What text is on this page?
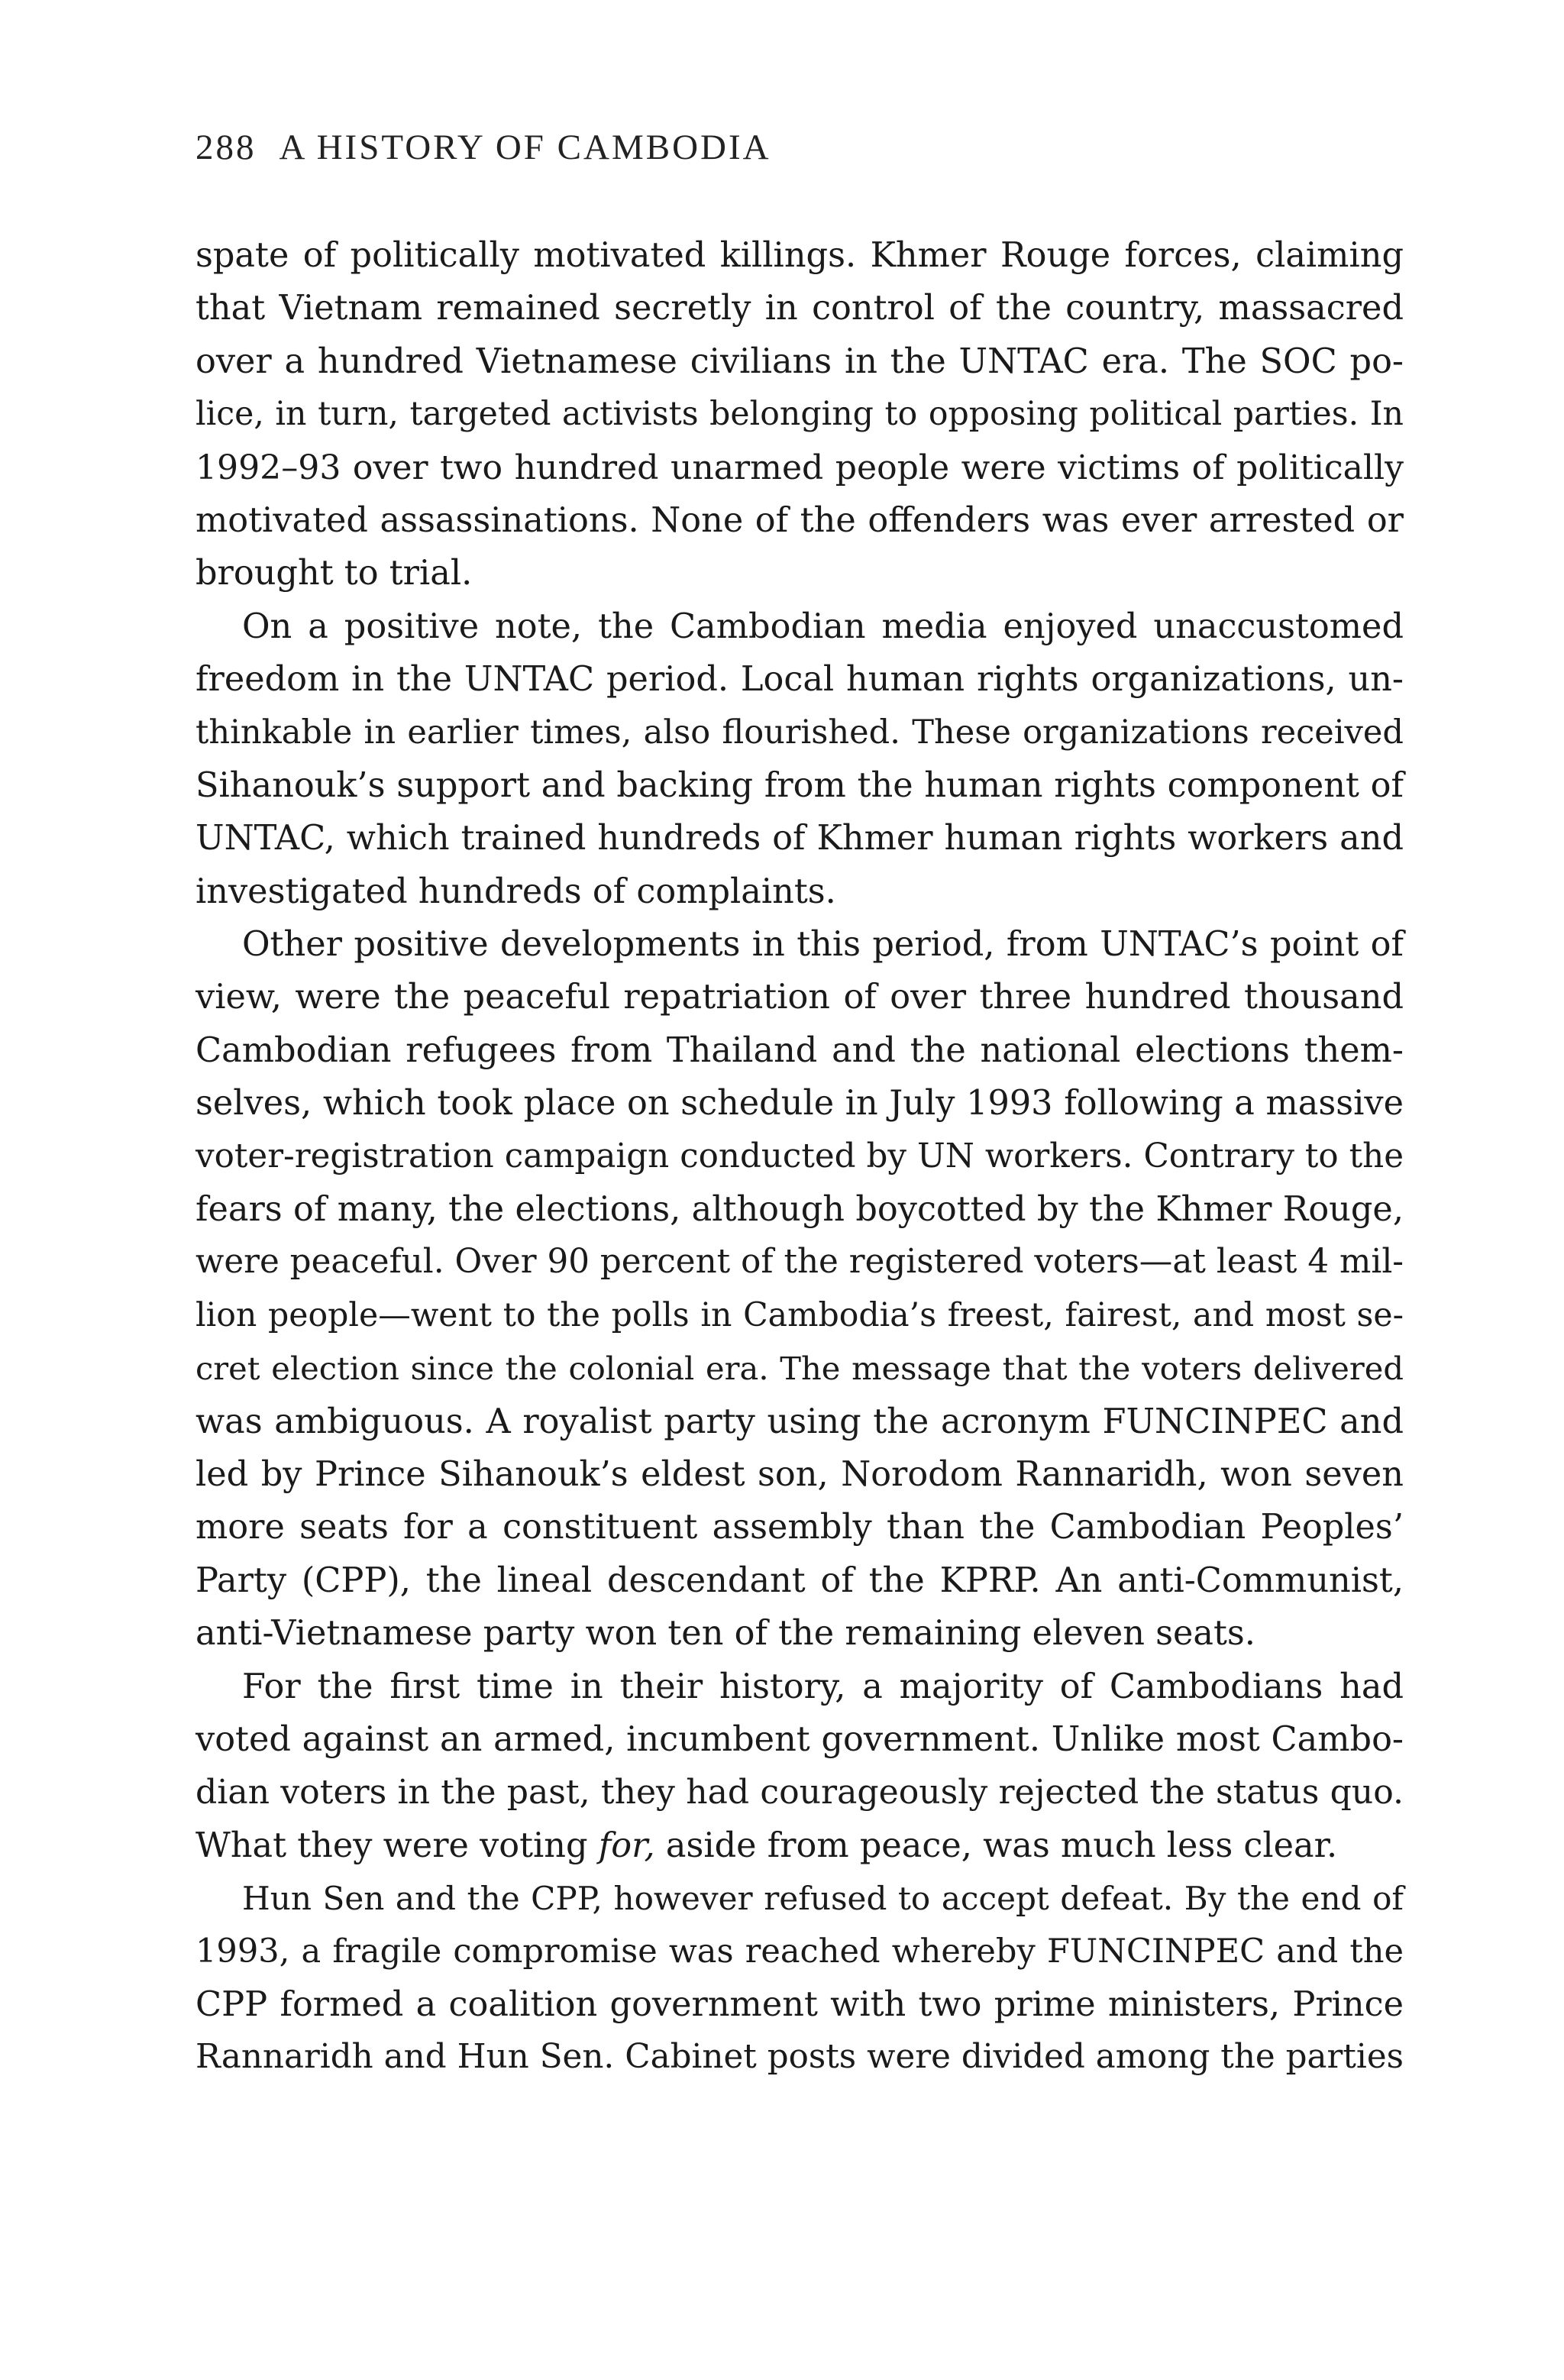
288 A HISTORY OF CAMBODIA
spate of politically motivated killings. Khmer Rouge forces, claiming
that Vietnam remained secretly in control of the country, massacred
over a hundred Vietnamese civilians in the UNTAC era. The SOC po-
lice, in turn, targeted activists belonging to opposing political parties. In
1992–93 over two hundred unarmed people were victims of politically
motivated assassinations. None of the offenders was ever arrested or
brought to trial.
On a positive note, the Cambodian media enjoyed unaccustomed
freedom in the UNTAC period. Local human rights organizations, un-
thinkable in earlier times, also flourished. These organizations received
Sihanouk’s support and backing from the human rights component of
UNTAC, which trained hundreds of Khmer human rights workers and
investigated hundreds of complaints.
Other positive developments in this period, from UNTAC’s point of
view, were the peaceful repatriation of over three hundred thousand
Cambodian refugees from Thailand and the national elections them-
selves, which took place on schedule in July 1993 following a massive
voter-registration campaign conducted by UN workers. Contrary to the
fears of many, the elections, although boycotted by the Khmer Rouge,
were peaceful. Over 90 percent of the registered voters—at least 4 mil-
lion people—went to the polls in Cambodia’s freest, fairest, and most se-
cret election since the colonial era. The message that the voters delivered
was ambiguous. A royalist party using the acronym FUNCINPEC and
led by Prince Sihanouk’s eldest son, Norodom Rannaridh, won seven
more seats for a constituent assembly than the Cambodian Peoples’
Party (CPP), the lineal descendant of the KPRP. An anti-Communist,
anti-Vietnamese party won ten of the remaining eleven seats.
For the first time in their history, a majority of Cambodians had
voted against an armed, incumbent government. Unlike most Cambo-
dian voters in the past, they had courageously rejected the status quo.
What they were voting for, aside from peace, was much less clear.
Hun Sen and the CPP, however refused to accept defeat. By the end of
1993, a fragile compromise was reached whereby FUNCINPEC and the
CPP formed a coalition government with two prime ministers, Prince
Rannaridh and Hun Sen. Cabinet posts were divided among the parties
